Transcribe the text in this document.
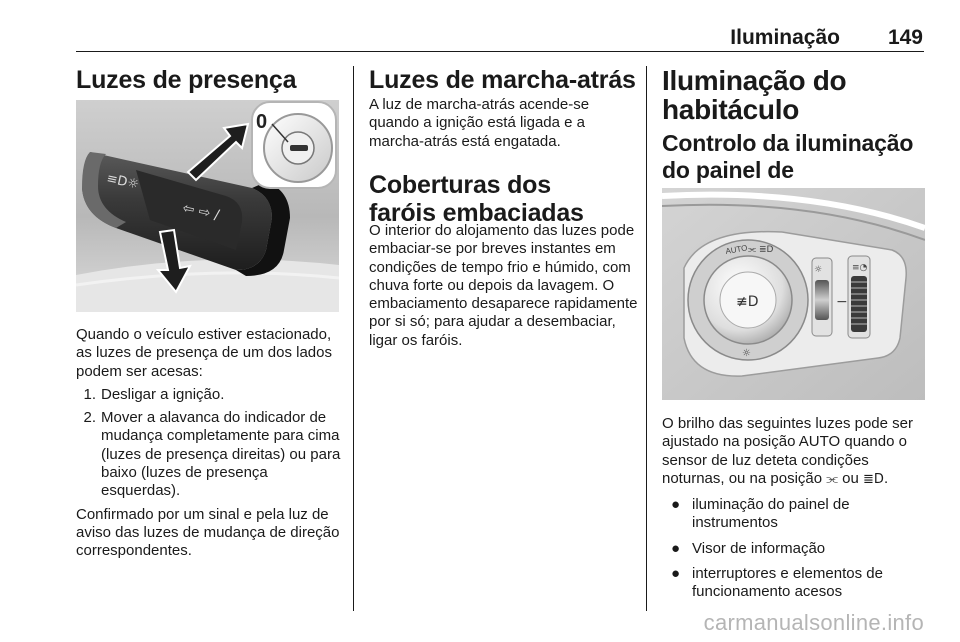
Iluminação 149
Luzes de presença
≡D☼
⇦ ⇨ /
0

Quando o veículo estiver estacionado, as luzes de presença de um dos lados podem ser acesas:

1. Desligar a ignição.
2. Mover a alavanca do indicador de mudança completamente para cima (luzes de presença direitas) ou para baixo (luzes de presença esquerdas).

Confirmado por um sinal e pela luz de aviso das luzes de mudança de direção correspondentes.

Luzes de marcha-atrás

A luz de marcha-atrás acende-se quando a ignição está ligada e a marcha-atrás está engatada.

Coberturas dos faróis embaciadas

O interior do alojamento das luzes pode embaciar-se por breves instantes em condições de tempo frio e húmido, com chuva forte ou depois da lavagem. O embaciamento desaparece rapidamente por si só; para ajudar a desembaciar, ligar os faróis.

Iluminação do habitáculo
Controlo da iluminação do painel de
≢D
AUTO ⫘ ≣D
☼
☼
−
≡◔

O brilho das seguintes luzes pode ser ajustado na posição AUTO quando o sensor de luz deteta condições noturnas, ou na posição ⫘ ou ≣D.

● iluminação do painel de instrumentos
● Visor de informação
● interruptores e elementos de funcionamento acesos
carmanualsonline.info
